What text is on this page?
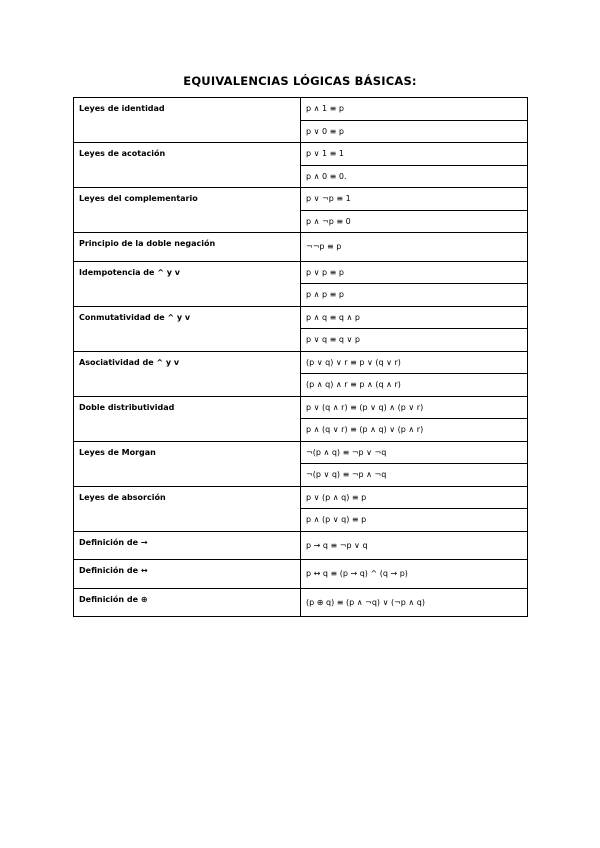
EQUIVALENCIAS LÓGICAS BÁSICAS:
Leyes de identidad	p ∧ 1 ≡ p
	p ∨ 0 ≡ p
Leyes de acotación	p ∨ 1 ≡ 1
	p ∧ 0 ≡ 0.
Leyes del complementario	p ∨ ¬p ≡ 1
	p ∧ ¬p ≡ 0
Principio de la doble negación	¬¬p ≡ p
Idempotencia de ^ y v	p ∨ p ≡ p
	p ∧ p ≡ p
Conmutatividad de ^ y v	p ∧ q ≡ q ∧ p
	p ∨ q ≡ q ∨ p
Asociatividad de ^ y v	(p ∨ q) ∨ r ≡ p ∨ (q ∨ r)
	(p ∧ q) ∧ r ≡ p ∧ (q ∧ r)
Doble distributividad	p ∨ (q ∧ r) ≡ (p ∨ q) ∧ (p ∨ r)
	p ∧ (q ∨ r) ≡ (p ∧ q) ∨ (p ∧ r)
Leyes de Morgan	¬(p ∧ q) ≡ ¬p ∨ ¬q
	¬(p ∨ q) ≡ ¬p ∧ ¬q
Leyes de absorción	p ∨ (p ∧ q) ≡ p
	p ∧ (p ∨ q) ≡ p
Definición de →	p → q ≡ ¬p ∨ q
Definición de ↔	p ↔ q ≡ (p → q) ^ (q → p)
Definición de ⊕	(p ⊕ q) ≡ (p ∧ ¬q) ∨ (¬p ∧ q)
